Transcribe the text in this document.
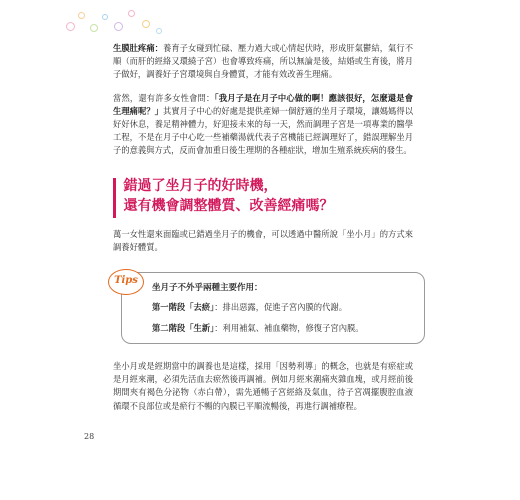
生膜肚疼痛：養育子女碰到忙碌、壓力過大或心情起伏時，形成肝氣鬱結，氣行不順（而肝的經絡又環繞子宮）也會導致疼痛，所以無論是後，結婚或生育後，將月子做好，調養好子宮環境與自身體質，才能有效改善生理痛。

當然，還有許多女性會問：「我月子是在月子中心做的啊！應該很好，怎麼還是會生理痛呢？」其實月子中心的好處是提供產婦一個舒適的坐月子環境，讓媽媽得以好好休息，養足精神體力，好迎接未來的每一天，然而調理子宮是一項專業的醫學工程，不是在月子中心吃一些補藥湯就代表子宮機能已經調理好了，錯誤理解坐月子的意義與方式，反而會加重日後生理期的各種症狀，增加生殖系統疾病的發生。

錯過了坐月子的好時機，
還有機會調整體質、改善經痛嗎？

萬一女性還來面臨或已錯過坐月子的機會，可以透過中醫所說「坐小月」的方式來調養好體質。

Tips
坐月子不外乎兩種主要作用：
第一階段「去瘀」：排出惡露，促進子宮內膜的代謝。
第二階段「生新」：利用補氣、補血藥物，修復子宮內膜。

坐小月或是經期當中的調養也是這樣，採用「因勢利導」的概念，也就是有瘀症或是月經來潮，必須先活血去瘀然後再調補。例如月經來潮痛夾雜血塊，或月經前後期間夾有褐色分泌物（赤白帶），需先通暢子宮經絡及氣血，待子宮凋擺腹腔血液循環不良部位或是瘀行不暢的內膜已平順流暢後，再進行調補療程。

28
